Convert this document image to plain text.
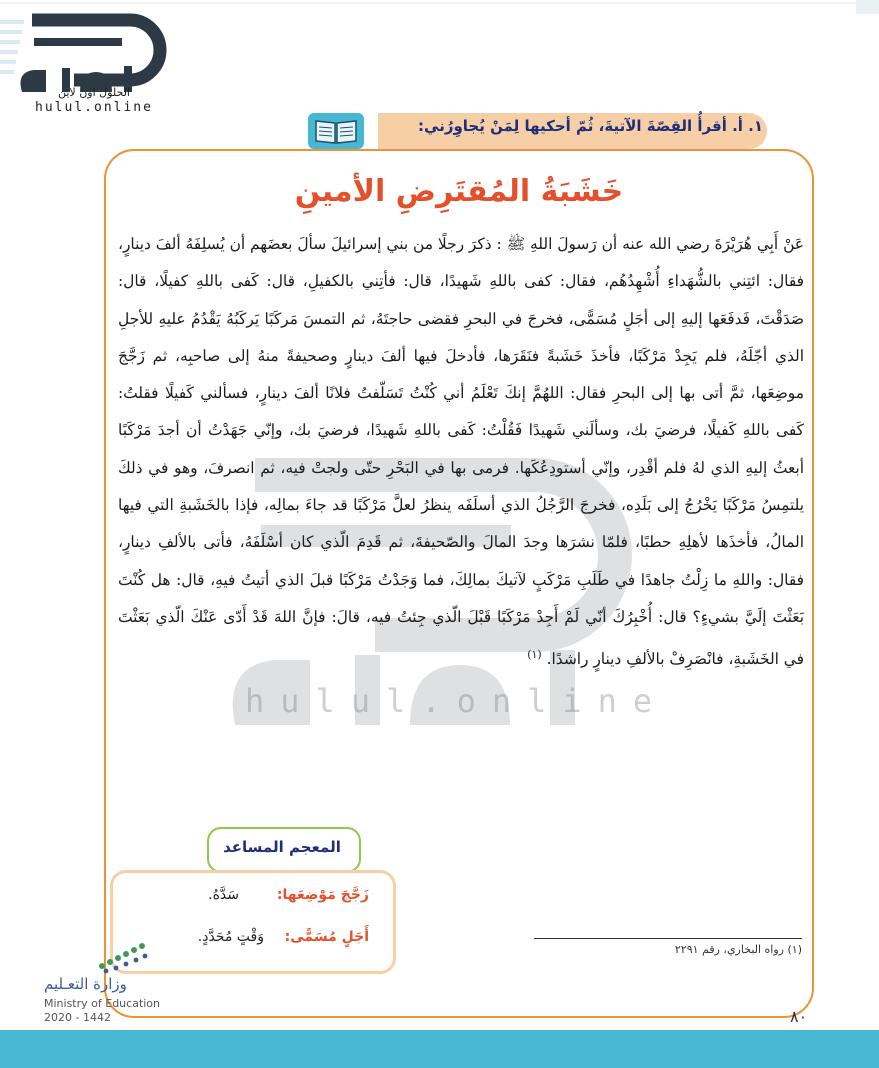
الحلول اون لاين
hulul.online
١. أ. أقرأُ القِصّةَ الآتيةَ، ثُمّ أحكيها لِمَنْ يُجاوِرُني:
خَشَبَةُ المُقتَرِضِ الأمينِ
hulul.online
عَنْ أَبِي هُرَيْرَةَ رضي الله عنه أن رَسولَ اللهِ ﷺ : ذكرَ رجلًا من بني إسرائيلَ سألَ بعضَهم أن يُسلِفَهُ ألفَ دينارٍ، فقال: ائتِني بالشُّهَداءِ أُشْهِدُهُم، فقال: كفى باللهِ شَهيدًا، قال: فأتِني بالكفيلِ، قال: كَفى باللهِ كفيلًا، قال: صَدَقْتَ، فَدفَعَها إليهِ إلى أجَلٍ مُسَمًّى، فخرجَ في البحرِ فقضى حاجتَهُ، ثم التمسَ مَركَبًا يَركَبُهُ يَقْدُمُ عليهِ للأجلِ الذي أجّلَهُ، فلم يَجِدْ مَرْكَبًا، فأخذَ خَشَبةً فنَقَرَها، فأدخلَ فيها ألفَ دينارٍ وصحيفةً منهُ إلى صاحبِه، ثم زَجَّجَ موضِعَها، ثمَّ أتى بها إلى البحرِ فقال: اللهُمَّ إنكَ تَعْلَمُ أني كُنْتُ تَسَلّفتُ فلانًا ألفَ دينارٍ، فسألني كَفيلًا فقلتُ: كَفى باللهِ كَفيلًا، فرضيَ بك، وسألَني شَهيدًا فَقُلْتُ: كَفى باللهِ شَهيدًا، فرضيَ بك، وإنّي جَهَدْتُ أن أجدَ مَرْكَبًا أبعثُ إليهِ الذي لهُ فلم أقْدِر، وإنّي أستودِعُكَها. فرمى بها في البَحْرِ حتّى ولجتْ فيه، ثم انصرفَ، وهو في ذلكَ يلتمِسُ مَرْكَبًا يَخْرُجُ إلى بَلَدِه، فخرجَ الرَّجُلُ الذي أسلَفَه ينظرُ لعلَّ مَرْكَبًا قد جاءَ بمالِه، فإذا بالخَشَبةِ التي فيها المالُ، فأخذَها لأهلِهِ حطبًا، فلمّا نشرَها وجدَ المالَ والصّحيفةَ، ثم قَدِمَ الّذي كان أسْلَفَهُ، فأتى بالألفِ دينارٍ، فقال: واللهِ ما زِلْتُ جاهدًا في طَلَبِ مَرْكَبٍ لآتيكَ بمالِكَ، فما وَجَدْتُ مَرْكَبًا قبلَ الذي أتيتُ فيهِ، قال: هل كُنْتَ بَعَثْتَ إلَيَّ بشيءٍ؟ قال: أُخْبِرُكَ أنّي لَمْ أَجِدْ مَرْكَبًا قَبْلَ الّذي جِئتُ فيه، قالَ: فإنَّ اللهَ قَدْ أَدّى عَنْكَ الّذي بَعَثْتَ في الخَشَبةِ، فانْصَرِفْ بالألفِ دينارٍ راشدًا. $^{(١)}$
المعجم المساعد
زَجَّجَ مَوْضِعَها:
سَدَّهُ.
أَجَلٍ مُسَمًّى:
وَقْتٍ مُحَدَّدٍ.
(١) رواه البخاري، رقم ٢٢٩١
وزارة التعـليم
Ministry of Education
2020 - 1442	٨٠
